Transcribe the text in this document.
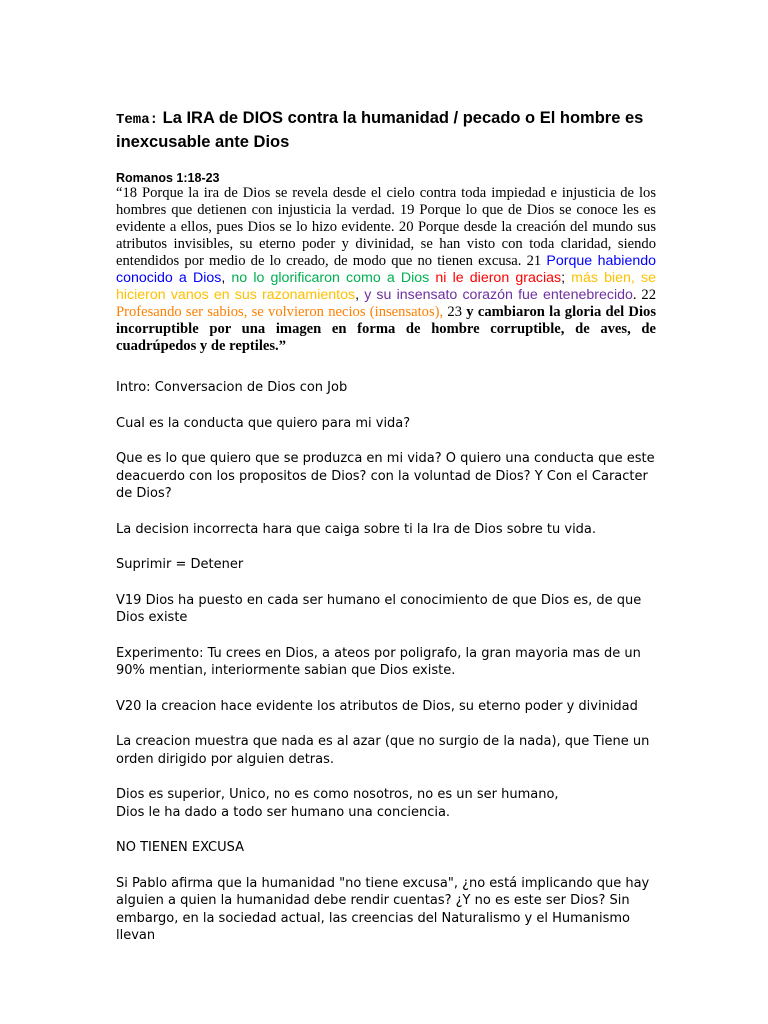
Tema: La IRA de DIOS contra la humanidad / pecado o El hombre es inexcusable ante Dios

Romanos 1:18-23

“18 Porque la ira de Dios se revela desde el cielo contra toda impiedad e injusticia de los hombres que detienen con injusticia la verdad. 19 Porque lo que de Dios se conoce les es evidente a ellos, pues Dios se lo hizo evidente. 20 Porque desde la creación del mundo sus atributos invisibles, su eterno poder y divinidad, se han visto con toda claridad, siendo entendidos por medio de lo creado, de modo que no tienen excusa. 21 Porque habiendo conocido a Dios, no lo glorificaron como a Dios ni le dieron gracias; más bien, se hicieron vanos en sus razonamientos, y su insensato corazón fue entenebrecido. 22 Profesando ser sabios, se volvieron necios (insensatos), 23 y cambiaron la gloria del Dios incorruptible por una imagen en forma de hombre corruptible, de aves, de cuadrúpedos y de reptiles.”

Intro: Conversacion de Dios con Job

Cual es la conducta que quiero para mi vida?

Que es lo que quiero que se produzca en mi vida? O quiero una conducta que este deacuerdo con los propositos de Dios? con la voluntad de Dios? Y Con el Caracter de Dios?

La decision incorrecta hara que caiga sobre ti la Ira de Dios sobre tu vida.

Suprimir = Detener

V19 Dios ha puesto en cada ser humano el conocimiento de que Dios es, de que Dios existe

Experimento: Tu crees en Dios, a ateos por poligrafo, la gran mayoria mas de un 90% mentian, interiormente sabian que Dios existe.

V20 la creacion hace evidente los atributos de Dios, su eterno poder y divinidad

La creacion muestra que nada es al azar (que no surgio de la nada), que Tiene un orden dirigido por alguien detras.

Dios es superior, Unico, no es como nosotros, no es un ser humano,

Dios le ha dado a todo ser humano una conciencia.

NO TIENEN EXCUSA

Si Pablo afirma que la humanidad "no tiene excusa", ¿no está implicando que hay alguien a quien la humanidad debe rendir cuentas? ¿Y no es este ser Dios? Sin embargo, en la sociedad actual, las creencias del Naturalismo y el Humanismo llevan
